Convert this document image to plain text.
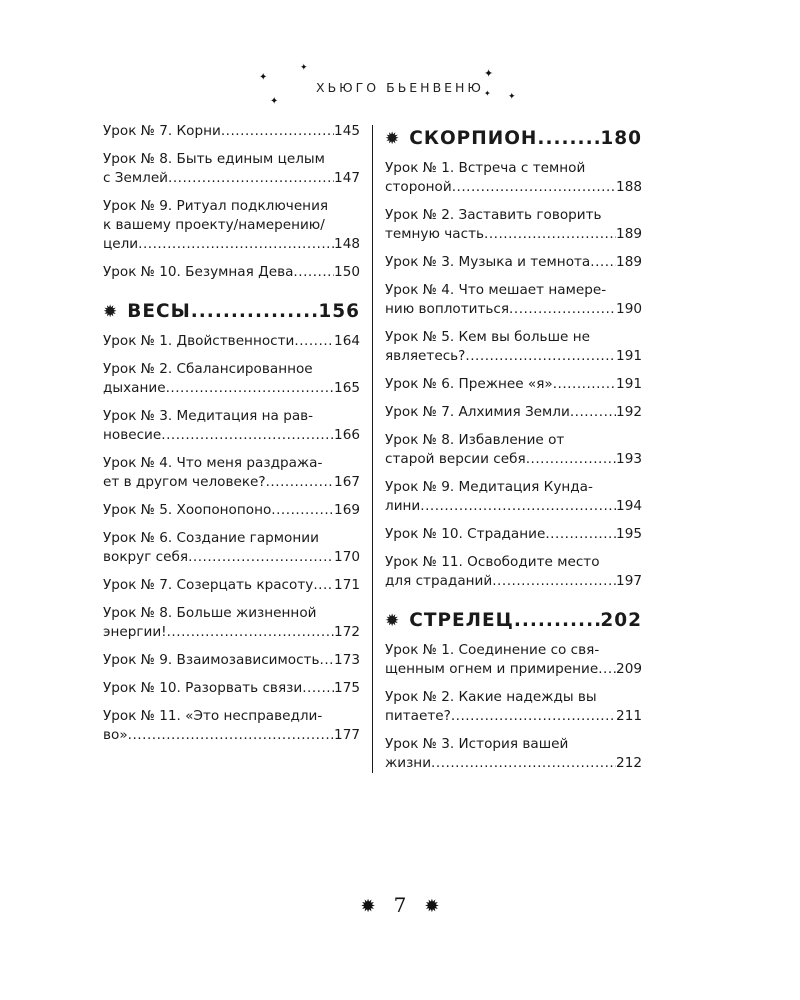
✦
✦
✦
✦
✦ ✦
ХЬЮГО БЬЕНВЕНЮ
Урок № 7. Корни .....	145
Урок № 8. Быть единым целым
с Землей .....	147
Урок № 9. Ритуал подключения
к вашему проекту/намерению/
цели .....	148
Урок № 10. Безумная Дева .....	150
✹ ВЕСЫ .....	156
Урок № 1. Двойственности .....	164
Урок № 2. Сбалансированное
дыхание .....	165
Урок № 3. Медитация на рав-
новесие .....	166
Урок № 4. Что меня раздража-
ет в другом человеке? .....	167
Урок № 5. Хоопонопоно .....	169
Урок № 6. Создание гармонии
вокруг себя .....	170
Урок № 7. Созерцать красоту ..... 171
Урок № 8. Больше жизненной
энергии! .....	172
Урок № 9. Взаимозависимость ..... 173
Урок № 10. Разорвать связи ..... 175
Урок № 11. «Это несправедли-
во» .....	177
✹ СКОРПИОН .....	180
Урок № 1. Встреча с темной
стороной .....	188
Урок № 2. Заставить говорить
темную часть .....	189
Урок № 3. Музыка и темнота ..... 189
Урок № 4. Что мешает намере-
нию воплотиться .....	190
Урок № 5. Кем вы больше не
являетесь? .....	191
Урок № 6. Прежнее «я» .....	191
Урок № 7. Алхимия Земли .....	192
Урок № 8. Избавление от
старой версии себя .....	193
Урок № 9. Медитация Кунда-
лини .....	194
Урок № 10. Страдание .....	195
Урок № 11. Освободите место
для страданий .....	197
✹ СТРЕЛЕЦ .....	202
Урок № 1. Соединение со свя-
щенным огнем и примирение ..... 209
Урок № 2. Какие надежды вы
питаете? .....	211
Урок № 3. История вашей
жизни .....	212
✹ 7 ✹
